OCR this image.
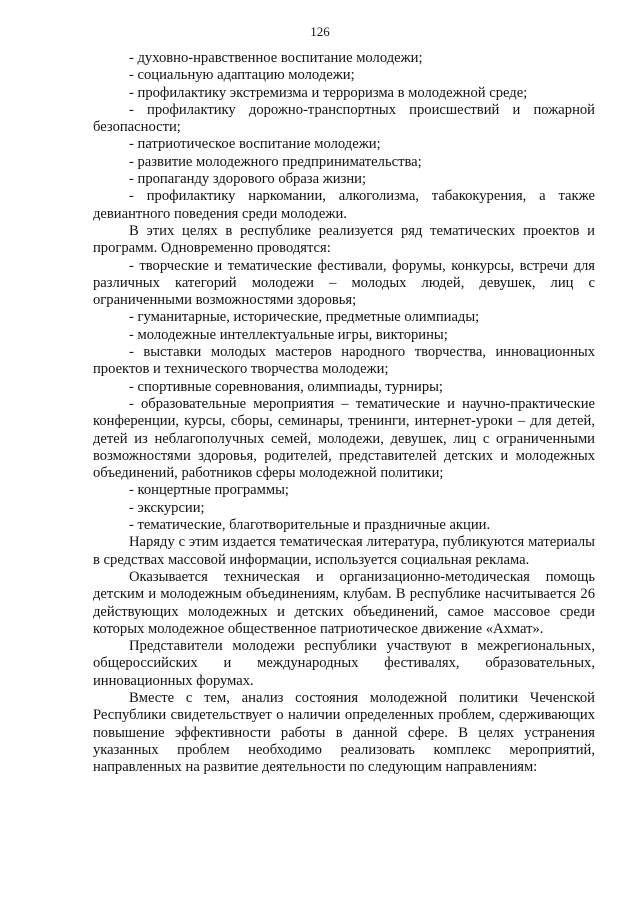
126

- духовно-нравственное воспитание молодежи;

- социальную адаптацию молодежи;

- профилактику экстремизма и терроризма в молодежной среде;

- профилактику дорожно-транспортных происшествий и пожарной безопасности;

- патриотическое воспитание молодежи;

- развитие молодежного предпринимательства;

- пропаганду здорового образа жизни;

- профилактику наркомании, алкоголизма, табакокурения, а также девиантного поведения среди молодежи.

В этих целях в республике реализуется ряд тематических проектов и программ. Одновременно проводятся:

- творческие и тематические фестивали, форумы, конкурсы, встречи для различных категорий молодежи – молодых людей, девушек, лиц с ограниченными возможностями здоровья;

- гуманитарные, исторические, предметные олимпиады;

- молодежные интеллектуальные игры, викторины;

- выставки молодых мастеров народного творчества, инновационных проектов и технического творчества молодежи;

- спортивные соревнования, олимпиады, турниры;

- образовательные мероприятия – тематические и научно-практические конференции, курсы, сборы, семинары, тренинги, интернет-уроки – для детей, детей из неблагополучных семей, молодежи, девушек, лиц с ограниченными возможностями здоровья, родителей, представителей детских и молодежных объединений, работников сферы молодежной политики;

- концертные программы;

- экскурсии;

- тематические, благотворительные и праздничные акции.

Наряду с этим издается тематическая литература, публикуются материалы в средствах массовой информации, используется социальная реклама.

Оказывается техническая и организационно-методическая помощь детским и молодежным объединениям, клубам. В республике насчитывается 26 действующих молодежных и детских объединений, самое массовое среди которых молодежное общественное патриотическое движение «Ахмат».

Представители молодежи республики участвуют в межрегиональных, общероссийских и международных фестивалях, образовательных, инновационных форумах.

Вместе с тем, анализ состояния молодежной политики Чеченской Республики свидетельствует о наличии определенных проблем, сдерживающих повышение эффективности работы в данной сфере. В целях устранения указанных проблем необходимо реализовать комплекс мероприятий, направленных на развитие деятельности по следующим направлениям:
